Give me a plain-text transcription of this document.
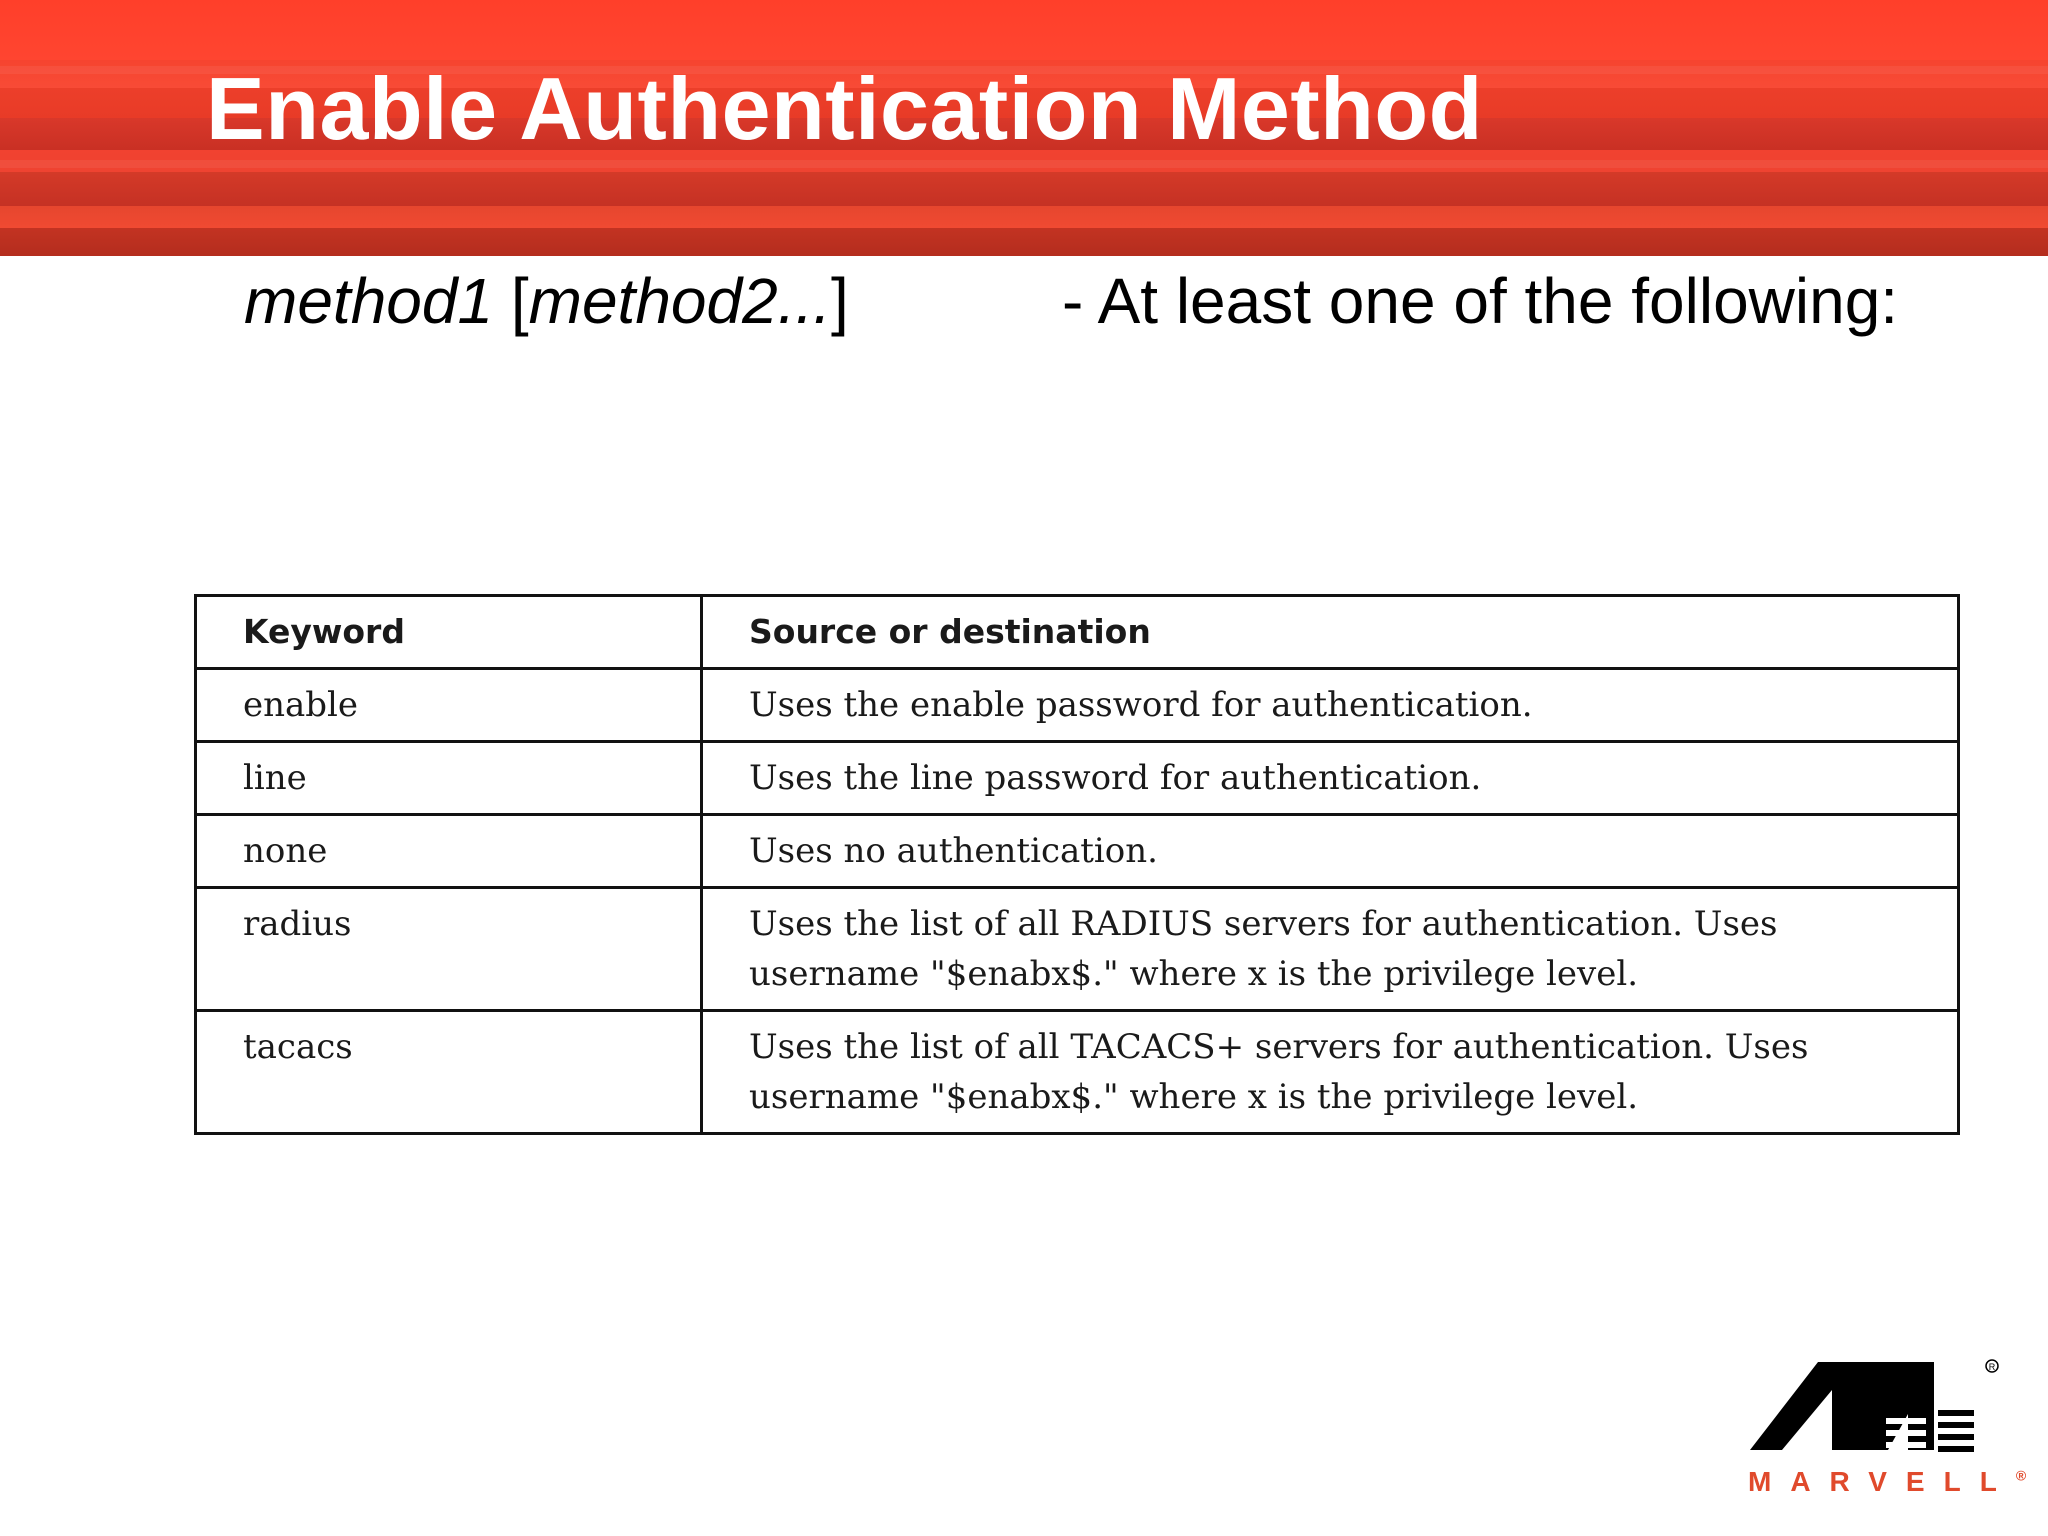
Enable Authentication Method
method1 [method2...]	- At least one of the following:
Keyword	Source or destination
enable	Uses the enable password for authentication.
line	Uses the line password for authentication.
none	Uses no authentication.
radius	Uses the list of all RADIUS servers for authentication. Uses username "$enabx$." where x is the privilege level.
tacacs	Uses the list of all TACACS+ servers for authentication. Uses username "$enabx$." where x is the privilege level.
R
MARVELL®
